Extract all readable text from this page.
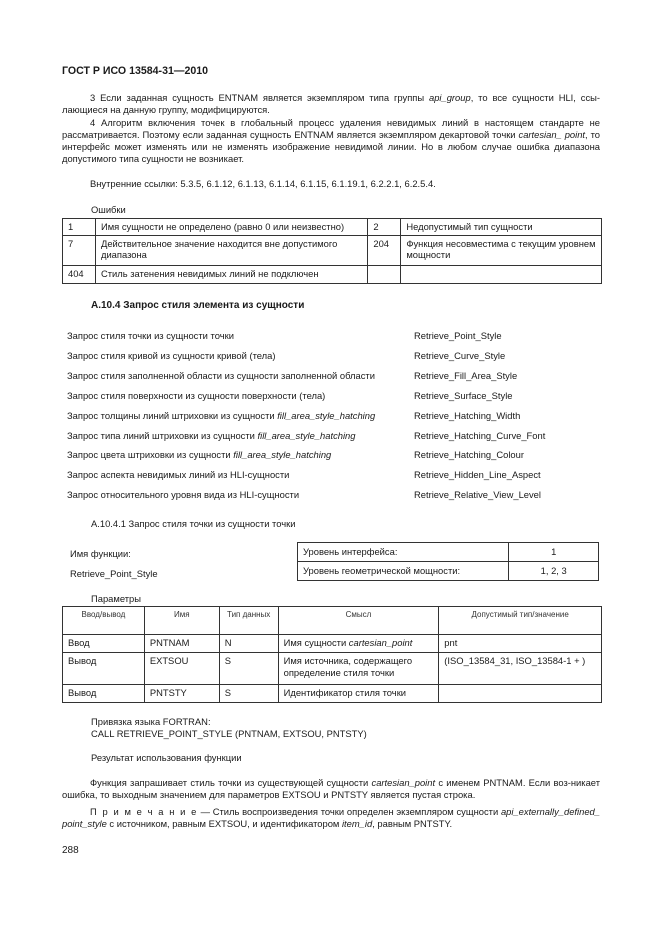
ГОСТ Р ИСО 13584-31—2010
3 Если заданная сущность ENTNAM является экземпляром типа группы api_group, то все сущности HLI, ссы-лающиеся на данную группу, модифицируются.
4 Алгоритм включения точек в глобальный процесс удаления невидимых линий в настоящем стандарте не рассматривается. Поэтому если заданная сущность ENTNAM является экземпляром декартовой точки cartesian_ point, то интерфейс может изменять или не изменять изображение невидимой линии. Но в любом случае ошибка диапазона допустимого типа сущности не возникает.
Внутренние ссылки: 5.3.5, 6.1.12, 6.1.13, 6.1.14, 6.1.15, 6.1.19.1, 6.2.2.1, 6.2.5.4.
Ошибки
1	Имя сущности не определено (равно 0 или неизвестно)	2	Недопустимый тип сущности
7	Действительное значение находится вне допустимого диапазона	204	Функция несовместима с текущим уровнем мощности
404	Стиль затенения невидимых линий не подключен		
A.10.4 Запрос стиля элемента из сущности
Запрос стиля точки из сущности точки	Retrieve_Point_Style
Запрос стиля кривой из сущности кривой (тела)	Retrieve_Curve_Style
Запрос стиля заполненной области из сущности заполненной области	Retrieve_Fill_Area_Style
Запрос стиля поверхности из сущности поверхности (тела)	Retrieve_Surface_Style
Запрос толщины линий штриховки из сущности fill_area_style_hatching	Retrieve_Hatching_Width
Запрос типа линий штриховки из сущности fill_area_style_hatching	Retrieve_Hatching_Curve_Font
Запрос цвета штриховки из сущности fill_area_style_hatching	Retrieve_Hatching_Colour
Запрос аспекта невидимых линий из HLI-сущности	Retrieve_Hidden_Line_Aspect
Запрос относительного уровня вида из HLI-сущности	Retrieve_Relative_View_Level
A.10.4.1 Запрос стиля точки из сущности точки
Имя функции:
Retrieve_Point_Style
Уровень интерфейса:	1
Уровень геометрической мощности:	1, 2, 3
Параметры
Ввод/вывод	Имя	Тип данных	Смысл	Допустимый тип/значение
Ввод	PNTNAM	N	Имя сущности cartesian_point	pnt
Вывод	EXTSOU	S	Имя источника, содержащего определение стиля точки	(ISO_13584_31, ISO_13584-1 + )
Вывод	PNTSTY	S	Идентификатор стиля точки	
Привязка языка FORTRAN:
CALL RETRIEVE_POINT_STYLE (PNTNAM, EXTSOU, PNTSTY)
Результат использования функции
Функция запрашивает стиль точки из существующей сущности cartesian_point с именем PNTNAM. Если воз-никает ошибка, то выходным значением для параметров EXTSOU и PNTSTY является пустая строка.
П р и м е ч а н и е — Стиль воспроизведения точки определен экземпляром сущности api_externally_defined_ point_style с источником, равным EXTSOU, и идентификатором item_id, равным PNTSTY.
288
